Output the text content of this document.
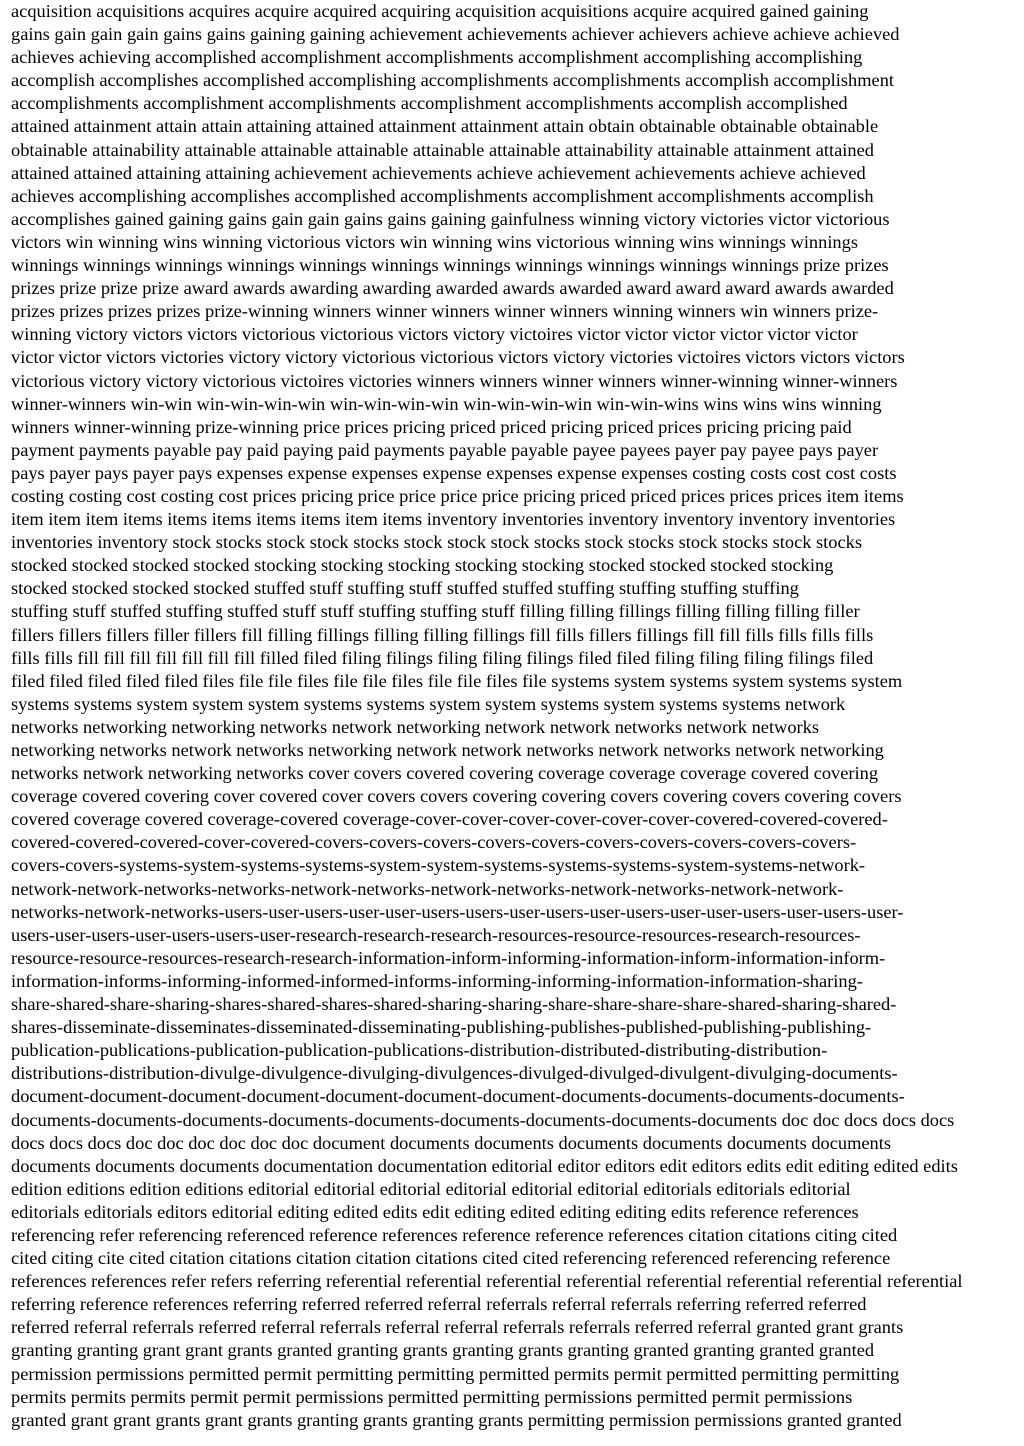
acquisition acquisitions acquires acquire acquired acquiring acquisition acquisitions acquire acquired gained gaining
gains gain gain gain gains gains gaining gaining achievement achievements achiever achievers achieve achieve achieved
achieves achieving accomplished accomplishment accomplishments accomplishment accomplishing accomplishing
accomplish accomplishes accomplished accomplishing accomplishments accomplishments accomplish accomplishment
accomplishments accomplishment accomplishments accomplishment accomplishments accomplish accomplished
attained attainment attain attain attaining attained attainment attainment attain obtain obtainable obtainable obtainable
obtainable attainability attainable attainable attainable attainable attainable attainability attainable attainment attained
attained attained attaining attaining achievement achievements achieve achievement achievements achieve achieved
achieves accomplishing accomplishes accomplished accomplishments accomplishment accomplishments accomplish
accomplishes gained gaining gains gain gain gains gains gaining gainfulness winning victory victories victor victorious
victors win winning wins winning victorious victors win winning wins victorious winning wins winnings winnings
winnings winnings winnings winnings winnings winnings winnings winnings winnings winnings winnings prize prizes
prizes prize prize prize award awards awarding awarding awarded awards awarded award award award awards awarded
prizes prizes prizes prizes prize-winning winners winner winners winner winners winning winners win winners prize-
winning victory victors victors victorious victorious victors victory victoires victor victor victor victor victor victor
victor victor victors victories victory victory victorious victorious victors victory victories victoires victors victors victors
victorious victory victory victorious victoires victories winners winners winner winners winner-winning winner-winners
winner-winners win-win win-win-win-win win-win-win-win win-win-win-win win-win-wins wins wins wins winning
winners winner-winning prize-winning price prices pricing priced priced pricing priced prices pricing pricing paid
payment payments payable pay paid paying paid payments payable payable payee payees payer pay payee pays payer
pays payer pays payer pays expenses expense expenses expense expenses expense expenses costing costs cost cost costs
costing costing cost costing cost prices pricing price price price price pricing priced priced prices prices prices item items
item item item items items items items items item items inventory inventories inventory inventory inventory inventories
inventories inventory stock stocks stock stock stocks stock stock stock stocks stock stocks stock stocks stock stocks
stocked stocked stocked stocked stocking stocking stocking stocking stocking stocked stocked stocked stocking
stocked stocked stocked stocked stuffed stuff stuffing stuff stuffed stuffed stuffing stuffing stuffing stuffing
stuffing stuff stuffed stuffing stuffed stuff stuff stuffing stuffing stuff filling filling fillings filling filling filling filler
fillers fillers fillers filler fillers fill filling fillings filling filling fillings fill fills fillers fillings fill fill fills fills fills fills
fills fills fill fill fill fill fill fill fill filled filed filing filings filing filing filings filed filed filing filing filing filings filed
filed filed filed filed filed files file file files file file files file file files file systems system systems system systems system
systems systems system system system systems systems system system systems system systems systems network
networks networking networking networks network networking network network networks network networks
networking networks network networks networking network network networks network networks network networking
networks network networking networks cover covers covered covering coverage coverage coverage covered covering
coverage covered covering cover covered cover covers covers covering covering covers covering covers covering covers
covered coverage covered coverage-covered coverage-cover-cover-cover-cover-cover-cover-covered-covered-covered-
covered-covered-covered-cover-covered-covers-covers-covers-covers-covers-covers-covers-covers-covers-covers-
covers-covers-systems-system-systems-systems-system-system-systems-systems-systems-system-systems-network-
network-network-networks-networks-network-networks-network-networks-network-networks-network-network-
networks-network-networks-users-user-users-user-user-users-users-user-users-user-users-user-user-users-user-users-user-
users-user-users-user-users-users-user-research-research-research-resources-resource-resources-research-resources-
resource-resource-resources-research-research-information-inform-informing-information-inform-information-inform-
information-informs-informing-informed-informed-informs-informing-informing-information-information-sharing-
share-shared-share-sharing-shares-shared-shares-shared-sharing-sharing-share-share-share-share-shared-sharing-shared-
shares-disseminate-disseminates-disseminated-disseminating-publishing-publishes-published-publishing-publishing-
publication-publications-publication-publication-publications-distribution-distributed-distributing-distribution-
distributions-distribution-divulge-divulgence-divulging-divulgences-divulged-divulged-divulgent-divulging-documents-
document-document-document-document-document-document-document-documents-documents-documents-documents-
documents-documents-documents-documents-documents-documents-documents-documents-documents doc doc docs docs docs
docs docs docs doc doc doc doc doc doc document documents documents documents documents documents documents
documents documents documents documentation documentation editorial editor editors edit editors edits edit editing edited edits
edition editions edition editions editorial editorial editorial editorial editorial editorial editorials editorials editorial
editorials editorials editors editorial editing edited edits edit editing edited editing editing edits reference references
referencing refer referencing referenced reference references reference reference references citation citations citing cited
cited citing cite cited citation citations citation citation citations cited cited referencing referenced referencing reference
references references refer refers referring referential referential referential referential referential referential referential referential
referring reference references referring referred referred referral referrals referral referrals referring referred referred
referred referral referrals referred referral referrals referral referral referrals referrals referred referral granted grant grants
granting granting grant grant grants granted granting grants granting grants granting granted granting granted granted
permission permissions permitted permit permitting permitting permitted permits permit permitted permitting permitting
permits permits permits permit permit permissions permitted permitting permissions permitted permit permissions
granted grant grant grants grant grants granting grants granting grants permitting permission permissions granted granted
